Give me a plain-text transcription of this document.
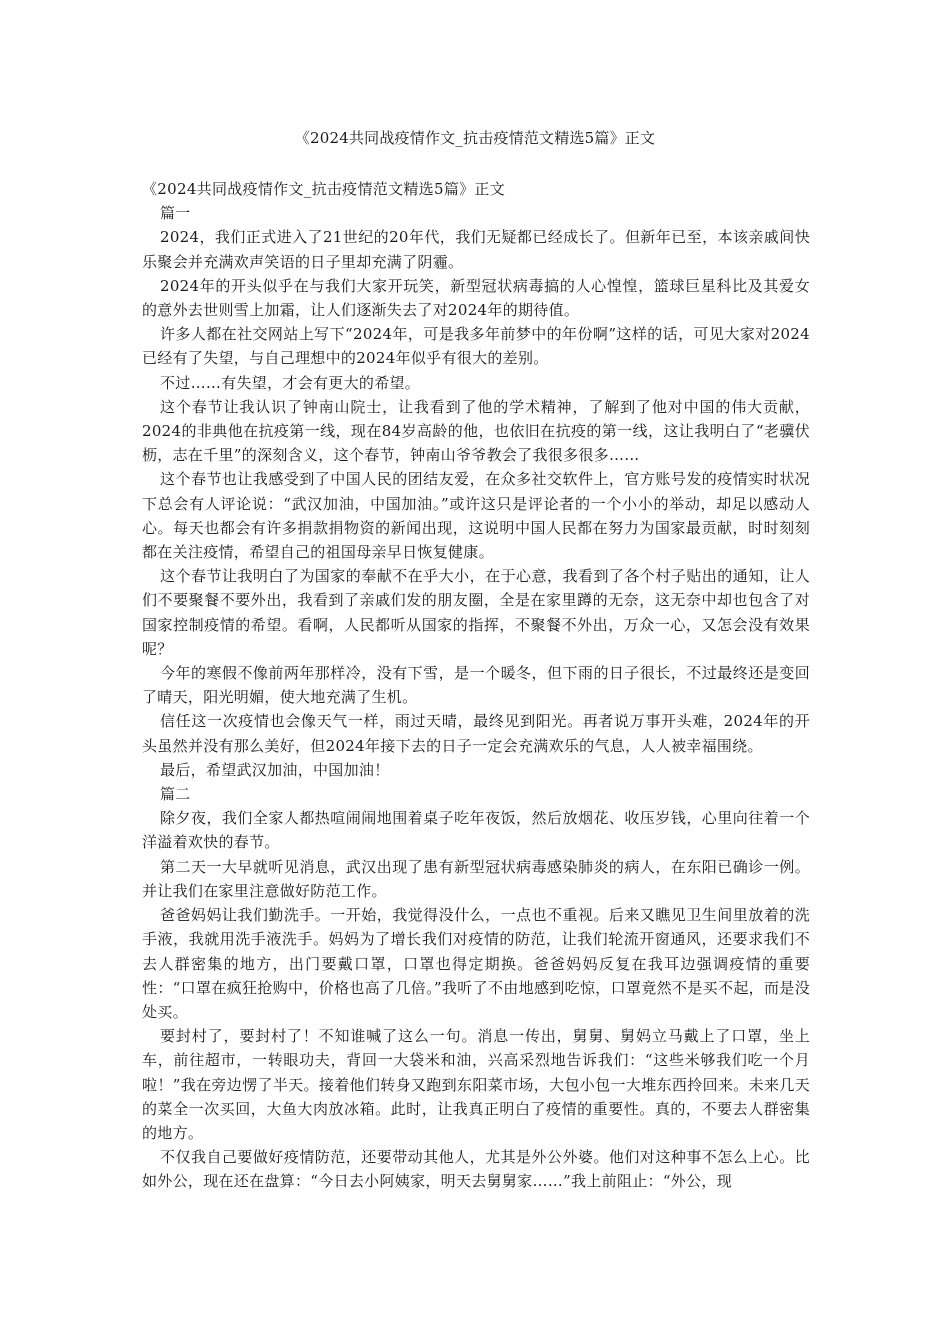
《2024共同战疫情作文_抗击疫情范文精选5篇》正文

《2024共同战疫情作文_抗击疫情范文精选5篇》正文

篇一

2024，我们正式进入了21世纪的20年代，我们无疑都已经成长了。但新年已至，本该亲戚间快乐聚会并充满欢声笑语的日子里却充满了阴霾。

2024年的开头似乎在与我们大家开玩笑，新型冠状病毒搞的人心惶惶，篮球巨星科比及其爱女的意外去世则雪上加霜，让人们逐渐失去了对2024年的期待值。

许多人都在社交网站上写下“2024年，可是我多年前梦中的年份啊”这样的话，可见大家对2024已经有了失望，与自己理想中的2024年似乎有很大的差别。

不过……有失望，才会有更大的希望。

这个春节让我认识了钟南山院士，让我看到了他的学术精神，了解到了他对中国的伟大贡献，2024的非典他在抗疫第一线，现在84岁高龄的他，也依旧在抗疫的第一线，这让我明白了“老骥伏枥，志在千里”的深刻含义，这个春节，钟南山爷爷教会了我很多很多……

这个春节也让我感受到了中国人民的团结友爱，在众多社交软件上，官方账号发的疫情实时状况下总会有人评论说：“武汉加油，中国加油。”或许这只是评论者的一个小小的举动，却足以感动人心。每天也都会有许多捐款捐物资的新闻出现，这说明中国人民都在努力为国家最贡献，时时刻刻都在关注疫情，希望自己的祖国母亲早日恢复健康。

这个春节让我明白了为国家的奉献不在乎大小，在于心意，我看到了各个村子贴出的通知，让人们不要聚餐不要外出，我看到了亲戚们发的朋友圈，全是在家里蹲的无奈，这无奈中却也包含了对国家控制疫情的希望。看啊，人民都听从国家的指挥，不聚餐不外出，万众一心，又怎会没有效果呢？

今年的寒假不像前两年那样冷，没有下雪，是一个暖冬，但下雨的日子很长，不过最终还是变回了晴天，阳光明媚，使大地充满了生机。

信任这一次疫情也会像天气一样，雨过天晴，最终见到阳光。再者说万事开头难，2024年的开头虽然并没有那么美好，但2024年接下去的日子一定会充满欢乐的气息，人人被幸福围绕。

最后，希望武汉加油，中国加油！

篇二

除夕夜，我们全家人都热喧闹闹地围着桌子吃年夜饭，然后放烟花、收压岁钱，心里向往着一个洋溢着欢快的春节。

第二天一大早就听见消息，武汉出现了患有新型冠状病毒感染肺炎的病人，在东阳已确诊一例。并让我们在家里注意做好防范工作。

爸爸妈妈让我们勤洗手。一开始，我觉得没什么，一点也不重视。后来又瞧见卫生间里放着的洗手液，我就用洗手液洗手。妈妈为了增长我们对疫情的防范，让我们轮流开窗通风，还要求我们不去人群密集的地方，出门要戴口罩，口罩也得定期换。爸爸妈妈反复在我耳边强调疫情的重要性：“口罩在疯狂抢购中，价格也高了几倍。”我听了不由地感到吃惊，口罩竟然不是买不起，而是没处买。

要封村了，要封村了！不知谁喊了这么一句。消息一传出，舅舅、舅妈立马戴上了口罩，坐上车，前往超市，一转眼功夫，背回一大袋米和油，兴高采烈地告诉我们：“这些米够我们吃一个月啦！”我在旁边愣了半天。接着他们转身又跑到东阳菜市场，大包小包一大堆东西拎回来。未来几天的菜全一次买回，大鱼大肉放冰箱。此时，让我真正明白了疫情的重要性。真的，不要去人群密集的地方。

不仅我自己要做好疫情防范，还要带动其他人，尤其是外公外婆。他们对这种事不怎么上心。比如外公，现在还在盘算：“今日去小阿姨家，明天去舅舅家……”我上前阻止：“外公，现
